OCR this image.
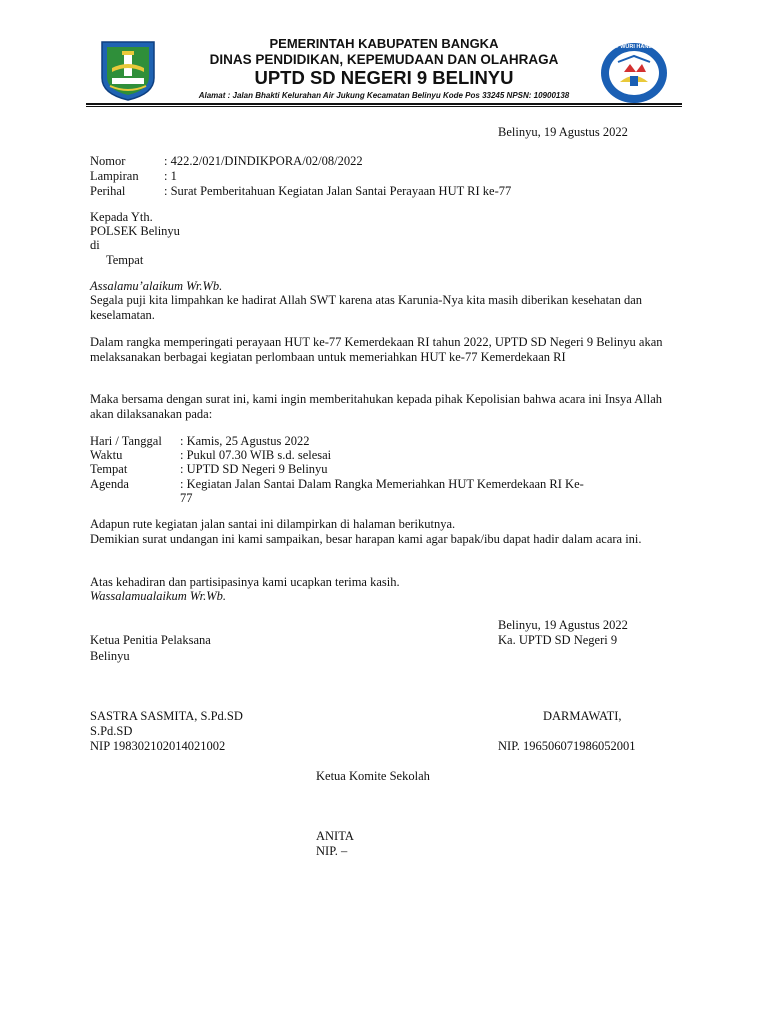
TUT WURI HANDAYANI
PEMERINTAH KABUPATEN BANGKA
DINAS PENDIDIKAN, KEPEMUDAAN DAN OLAHRAGA
UPTD SD NEGERI 9 BELINYU
Alamat : Jalan Bhakti Kelurahan Air Jukung Kecamatan Belinyu Kode Pos 33245 NPSN: 10900138
Belinyu, 19 Agustus 2022
Nomor	: 422.2/021/DINDIKPORA/02/08/2022
Lampiran : 1
Perihal	: Surat Pemberitahuan Kegiatan Jalan Santai Perayaan HUT RI ke-77
Kepada Yth.
POLSEK Belinyu
di
Tempat
Assalamu’alaikum Wr.Wb.
Segala puji kita limpahkan ke hadirat Allah SWT karena atas Karunia-Nya kita masih diberikan kesehatan dan keselamatan.
Dalam rangka memperingati perayaan HUT ke-77 Kemerdekaan RI tahun 2022, UPTD SD Negeri 9 Belinyu akan melaksanakan berbagai kegiatan perlombaan untuk memeriahkan HUT ke-77 Kemerdekaan RI
Maka bersama dengan surat ini, kami ingin memberitahukan kepada pihak Kepolisian bahwa acara ini Insya Allah akan dilaksanakan pada:
Hari / Tanggal : Kamis, 25 Agustus 2022
Waktu	: Pukul 07.30 WIB s.d. selesai
Tempat	: UPTD SD Negeri 9 Belinyu
Agenda	: Kegiatan Jalan Santai Dalam Rangka Memeriahkan HUT Kemerdekaan RI Ke-
77
Adapun rute kegiatan jalan santai ini dilampirkan di halaman berikutnya.
Demikian surat undangan ini kami sampaikan, besar harapan kami agar bapak/ibu dapat hadir dalam acara ini.
Atas kehadiran dan partisipasinya kami ucapkan terima kasih.
Wassalamualaikum Wr.Wb.
Belinyu, 19 Agustus 2022
Ketua Penitia Pelaksana	Ka. UPTD SD Negeri 9
Belinyu
SASTRA SASMITA, S.Pd.SD	DARMAWATI,
S.Pd.SD
NIP 198302102014021002	NIP. 196506071986052001
Ketua Komite Sekolah
ANITA
NIP. –
